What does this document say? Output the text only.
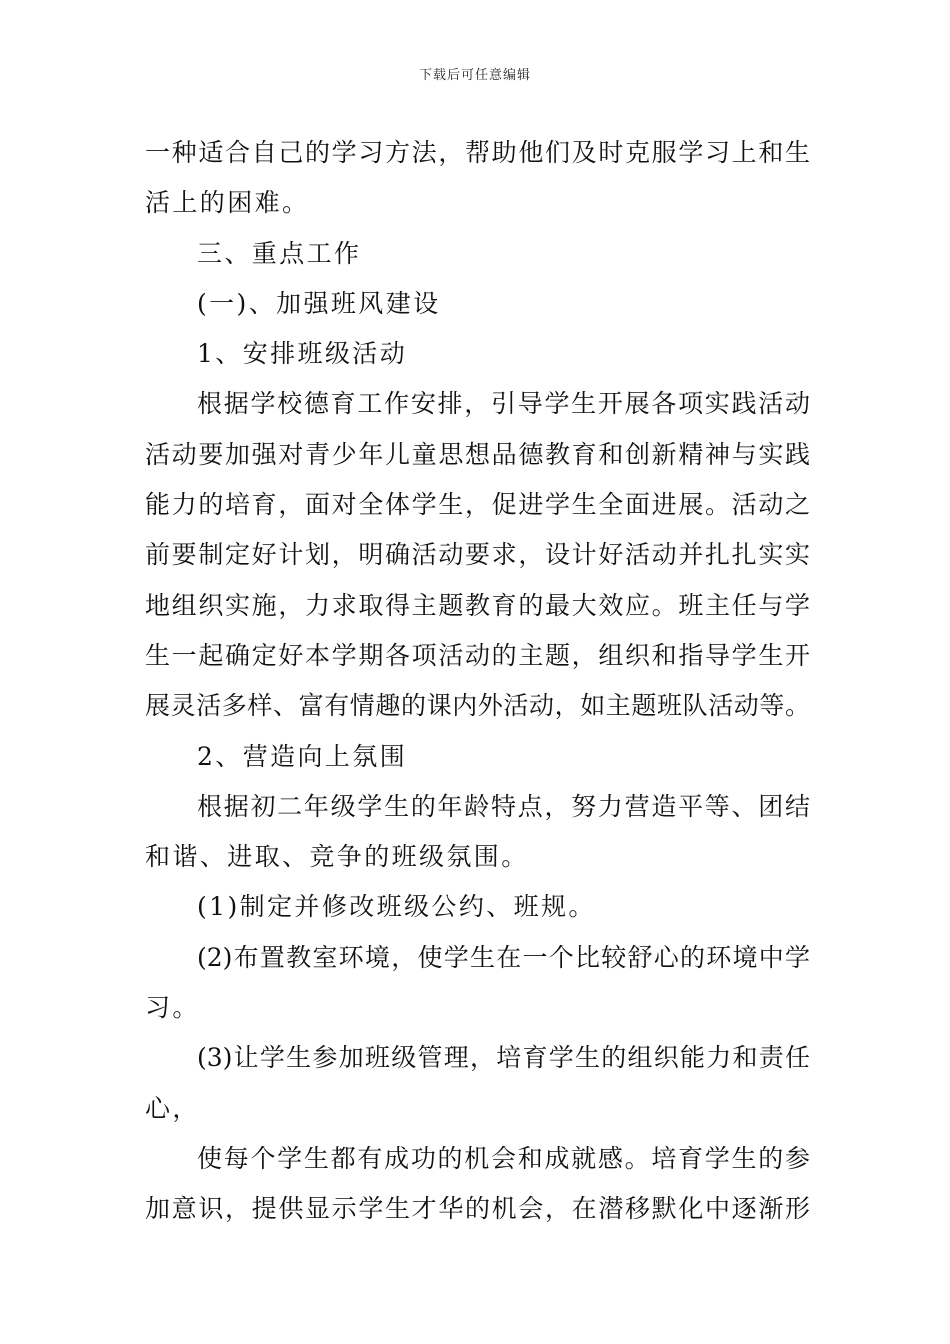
下载后可任意编辑
一种适合自己的学习方法，帮助他们及时克服学习上和生
活上的困难。
三、重点工作
(一)、加强班风建设
1、安排班级活动
根据学校德育工作安排，引导学生开展各项实践活动
活动要加强对青少年儿童思想品德教育和创新精神与实践
能力的培育，面对全体学生，促进学生全面进展。活动之
前要制定好计划，明确活动要求，设计好活动并扎扎实实
地组织实施，力求取得主题教育的最大效应。班主任与学
生一起确定好本学期各项活动的主题，组织和指导学生开
展灵活多样、富有情趣的课内外活动，如主题班队活动等。
2、营造向上氛围
根据初二年级学生的年龄特点，努力营造平等、团结
和谐、进取、竞争的班级氛围。
(1)制定并修改班级公约、班规。
(2)布置教室环境，使学生在一个比较舒心的环境中学
习。
(3)让学生参加班级管理，培育学生的组织能力和责任
心，
使每个学生都有成功的机会和成就感。培育学生的参
加意识，提供显示学生才华的机会，在潜移默化中逐渐形
